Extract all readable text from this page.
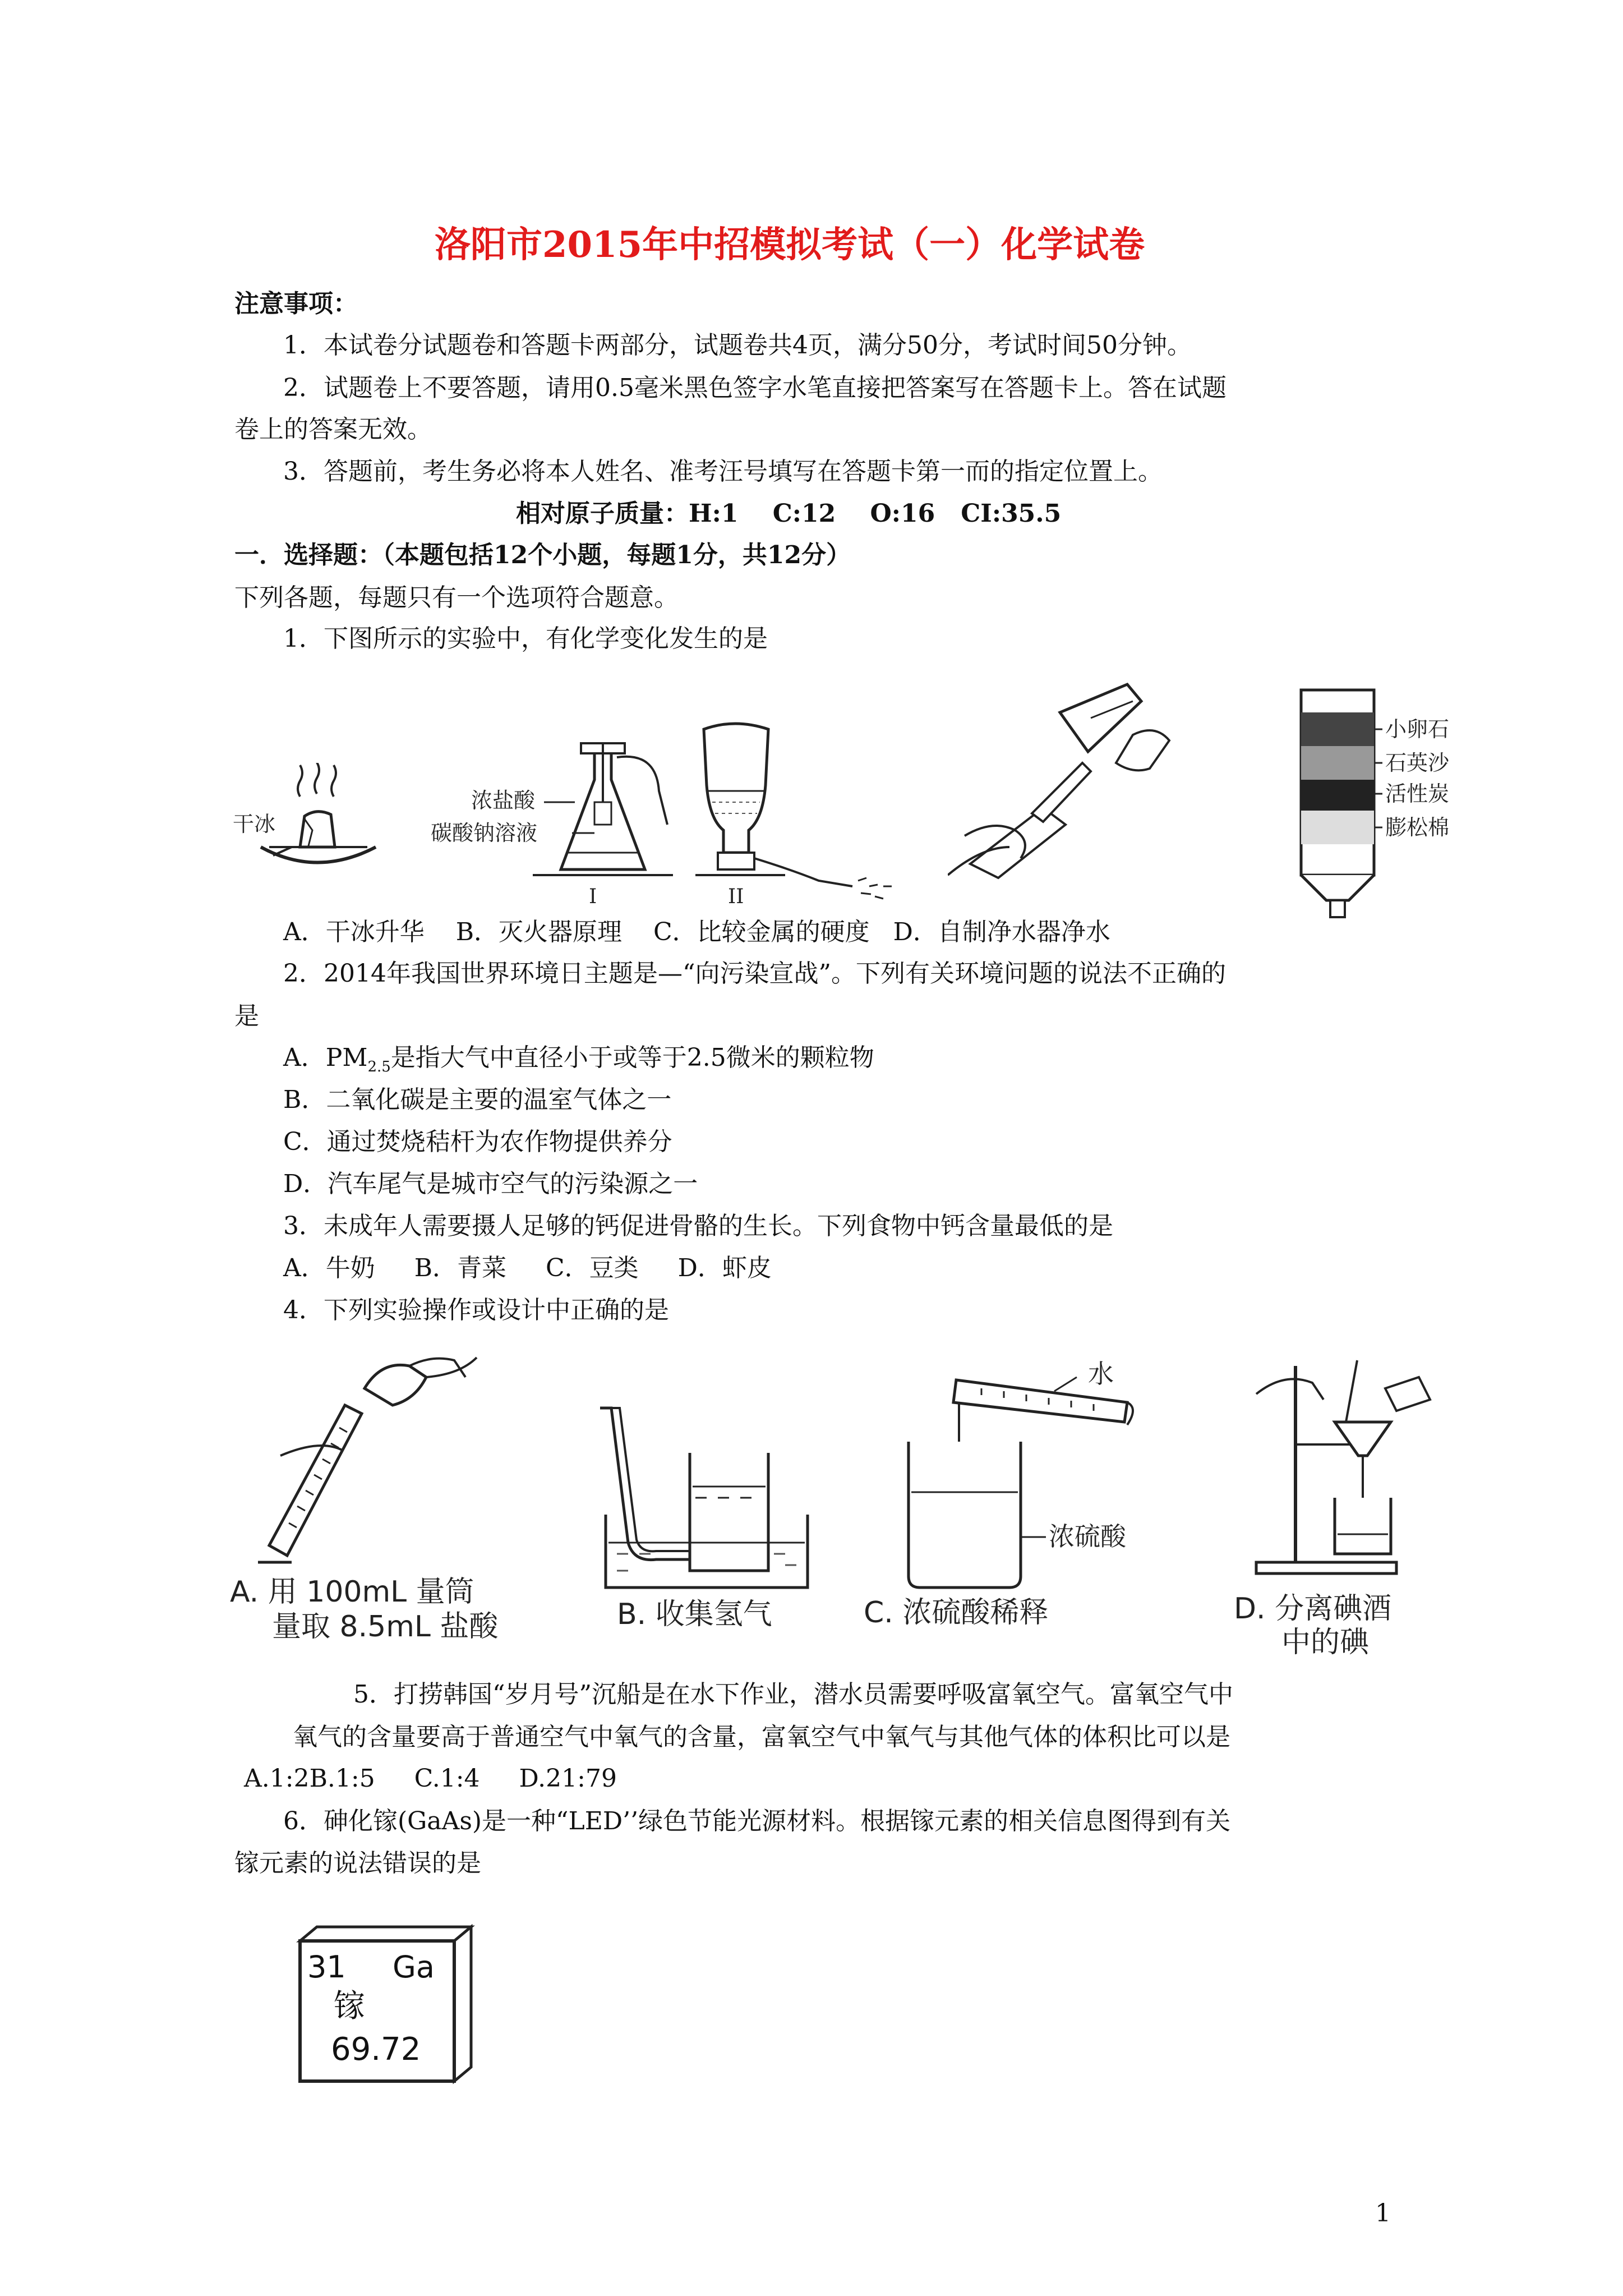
洛阳市2015年中招模拟考试（一）化学试卷
注意事项：
1．本试卷分试题卷和答题卡两部分，试题卷共4页，满分50分，考试时间50分钟。
2．试题卷上不要答题，请用0.5毫米黑色签字水笔直接把答案写在答题卡上。答在试题
卷上的答案无效。
3．答题前，考生务必将本人姓名、准考汪号填写在答题卡第一而的指定位置上。
相对原子质量：H:1    C:12    O:16   CI:35.5
一．选择题：（本题包括12个小题，每题1分，共12分）
下列各题，每题只有一个选项符合题意。
1．下图所示的实验中，有化学变化发生的是
干冰
浓盐酸
碳酸钠溶液
I	II
小卵石
石英沙
活性炭
膨松棉
A．干冰升华    B．灭火器原理    C．比较金属的硬度   D．自制净水器净水
2．2014年我国世界环境日主题是—“向污染宣战”。下列有关环境问题的说法不正确的
是
A．$PM_{2.5}$是指大气中直径小于或等于2.5微米的颗粒物
B．二氧化碳是主要的温室气体之一
C．通过焚烧秸杆为农作物提供养分
D．汽车尾气是城市空气的污染源之一
3．未成年人需要摄人足够的钙促进骨骼的生长。下列食物中钙含量最低的是
A．牛奶     B．青菜     C．豆类     D．虾皮
4．下列实验操作或设计中正确的是
A. 用 100mL 量筒
量取 8.5mL 盐酸	B. 收集氢气
水
浓硫酸
C. 浓硫酸稀释	D. 分离碘酒
中的碘
5．打捞韩国“岁月号”沉船是在水下作业，潜水员需要呼吸富氧空气。富氧空气中
氧气的含量要高于普通空气中氧气的含量，富氧空气中氧气与其他气体的体积比可以是
A.1:2B.1:5     C.1:4     D.21:79
6．砷化镓(GaAs)是一种“LED’’绿色节能光源材料。根据镓元素的相关信息图得到有关
镓元素的说法错误的是
31 Ga
镓
69.72
1
